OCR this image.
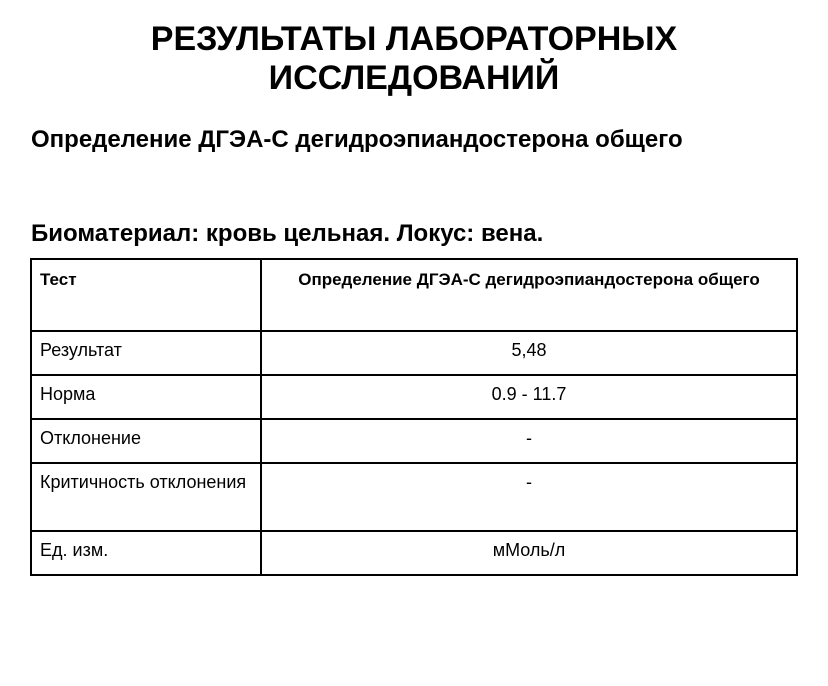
РЕЗУЛЬТАТЫ ЛАБОРАТОРНЫХ
ИССЛЕДОВАНИЙ
Определение ДГЭА-С дегидроэпиандостерона общего

Биоматериал: кровь цельная. Локус: вена.

Тест	Определение ДГЭА-С дегидроэпиандостерона общего
Результат	5,48
Норма	0.9 - 11.7
Отклонение	-
Критичность отклонения	-
Ед. изм.	мМоль/л
